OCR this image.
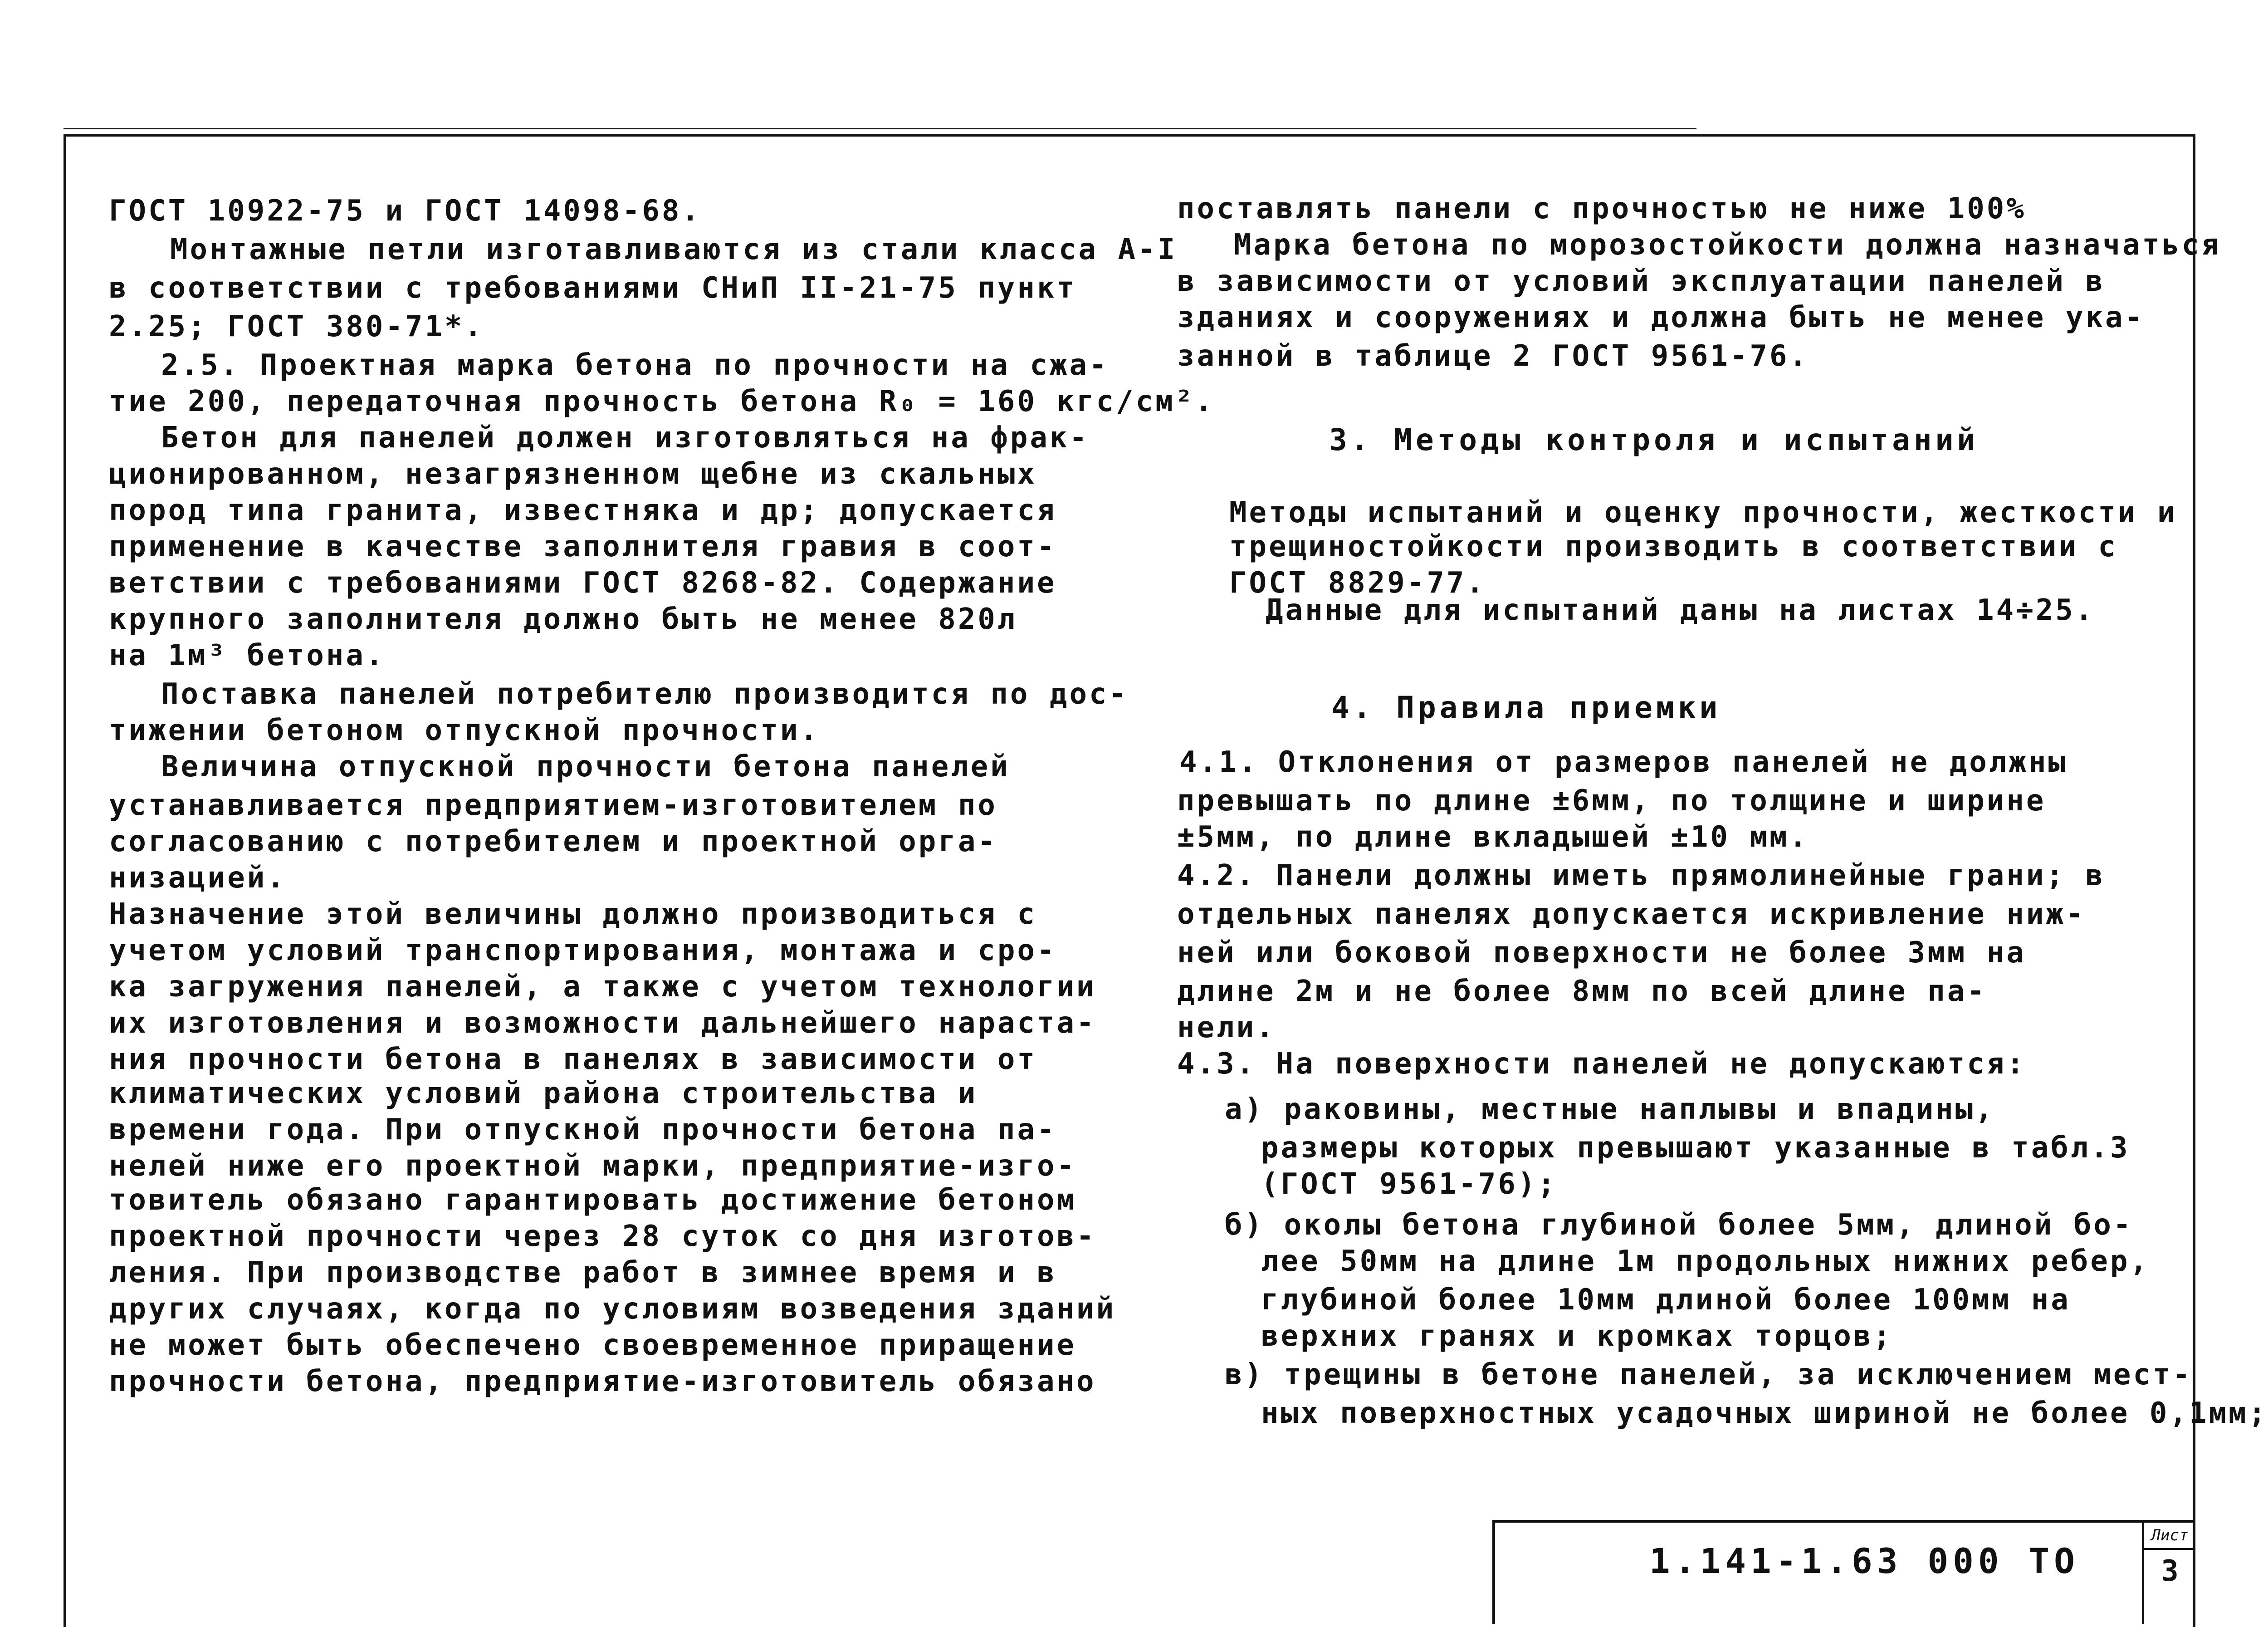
ГОСТ 10922-75 и ГОСТ 14098-68.
Монтажные петли изготавливаются из стали класса А-I
в соответствии с требованиями СНиП II-21-75 пункт
2.25; ГОСТ 380-71*.
2.5. Проектная марка бетона по прочности на сжа-
тие 200, передаточная прочность бетона R₀ = 160 кгс/см².
Бетон для панелей должен изготовляться на фрак-
ционированном, незагрязненном щебне из скальных
пород типа гранита, известняка и др; допускается
применение в качестве заполнителя гравия в соот-
ветствии с требованиями ГОСТ 8268-82. Содержание
крупного заполнителя должно быть не менее 820л
на 1м³ бетона.
Поставка панелей потребителю производится по дос-
тижении бетоном отпускной прочности.
Величина отпускной прочности бетона панелей
устанавливается предприятием-изготовителем по
согласованию с потребителем и проектной орга-
низацией.
Назначение этой величины должно производиться с
учетом условий транспортирования, монтажа и сро-
ка загружения панелей, а также с учетом технологии
их изготовления и возможности дальнейшего нараста-
ния прочности бетона в панелях в зависимости от
климатических условий района строительства и
времени года. При отпускной прочности бетона па-
нелей ниже его проектной марки, предприятие-изго-
товитель обязано гарантировать достижение бетоном
проектной прочности через 28 суток со дня изготов-
ления. При производстве работ в зимнее время и в
других случаях, когда по условиям возведения зданий
не может быть обеспечено своевременное приращение
прочности бетона, предприятие-изготовитель обязано
поставлять панели с прочностью не ниже 100%
Марка бетона по морозостойкости должна назначаться
в зависимости от условий эксплуатации панелей в
зданиях и сооружениях и должна быть не менее ука-
занной в таблице 2 ГОСТ 9561-76.
3. Методы контроля и испытаний
Методы испытаний и оценку прочности, жесткости и
трещиностойкости производить в соответствии с
ГОСТ 8829-77.
Данные для испытаний даны на листах 14÷25.
4. Правила приемки
4.1. Отклонения от размеров панелей не должны
превышать по длине ±6мм, по толщине и ширине
±5мм, по длине вкладышей ±10 мм.
4.2. Панели должны иметь прямолинейные грани; в
отдельных панелях допускается искривление ниж-
ней или боковой поверхности не более 3мм на
длине 2м и не более 8мм по всей длине па-
нели.
4.3. На поверхности панелей не допускаются:
а) раковины, местные наплывы и впадины,
размеры которых превышают указанные в табл.3
(ГОСТ 9561-76);
б) околы бетона глубиной более 5мм, длиной бо-
лее 50мм на длине 1м продольных нижних ребер,
глубиной более 10мм длиной более 100мм на
верхних гранях и кромках торцов;
в) трещины в бетоне панелей, за исключением мест-
ных поверхностных усадочных шириной не более 0,1мм;
1.141-1.63 000 ТО
Лист
3
